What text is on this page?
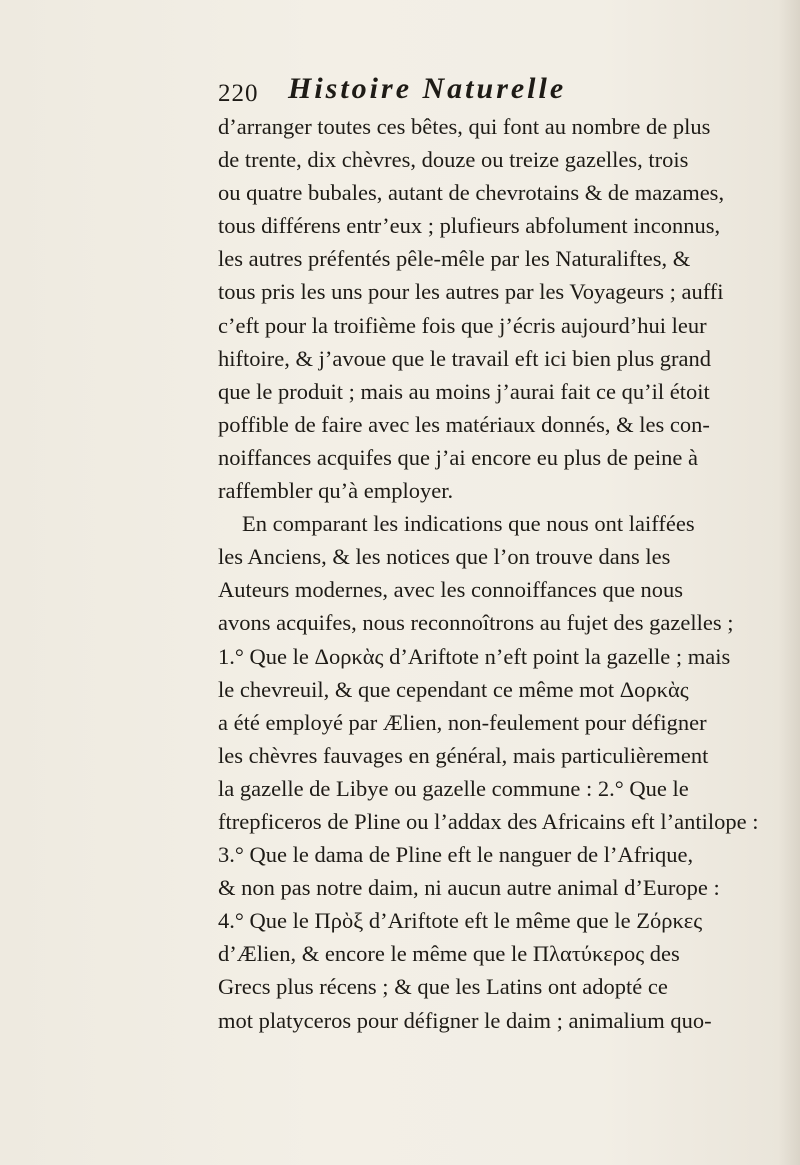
220 Histoire Naturelle
d’arranger toutes ces bêtes, qui font au nombre de plus
de trente, dix chèvres, douze ou treize gazelles, trois
ou quatre bubales, autant de chevrotains & de mazames,
tous différens entr’eux ; plufieurs abfolument inconnus,
les autres préfentés pêle-mêle par les Naturaliftes, &
tous pris les uns pour les autres par les Voyageurs ; auffi
c’eft pour la troifième fois que j’écris aujourd’hui leur
hiftoire, & j’avoue que le travail eft ici bien plus grand
que le produit ; mais au moins j’aurai fait ce qu’il étoit
poffible de faire avec les matériaux donnés, & les con-
noiffances acquifes que j’ai encore eu plus de peine à
raffembler qu’à employer.
En comparant les indications que nous ont laiffées
les Anciens, & les notices que l’on trouve dans les
Auteurs modernes, avec les connoiffances que nous
avons acquifes, nous reconnoîtrons au fujet des gazelles ;
1.° Que le Δορκὰς d’Ariftote n’eft point la gazelle ; mais
le chevreuil, & que cependant ce même mot Δορκὰς
a été employé par Ælien, non-feulement pour défigner
les chèvres fauvages en général, mais particulièrement
la gazelle de Libye ou gazelle commune : 2.° Que le
ftrepficeros de Pline ou l’addax des Africains eft l’antilope :
3.° Que le dama de Pline eft le nanguer de l’Afrique,
& non pas notre daim, ni aucun autre animal d’Europe :
4.° Que le Πρὸξ d’Ariftote eft le même que le Ζόρκες
d’Ælien, & encore le même que le Πλατύκερος des
Grecs plus récens ; & que les Latins ont adopté ce
mot platyceros pour défigner le daim ; animalium quo-
